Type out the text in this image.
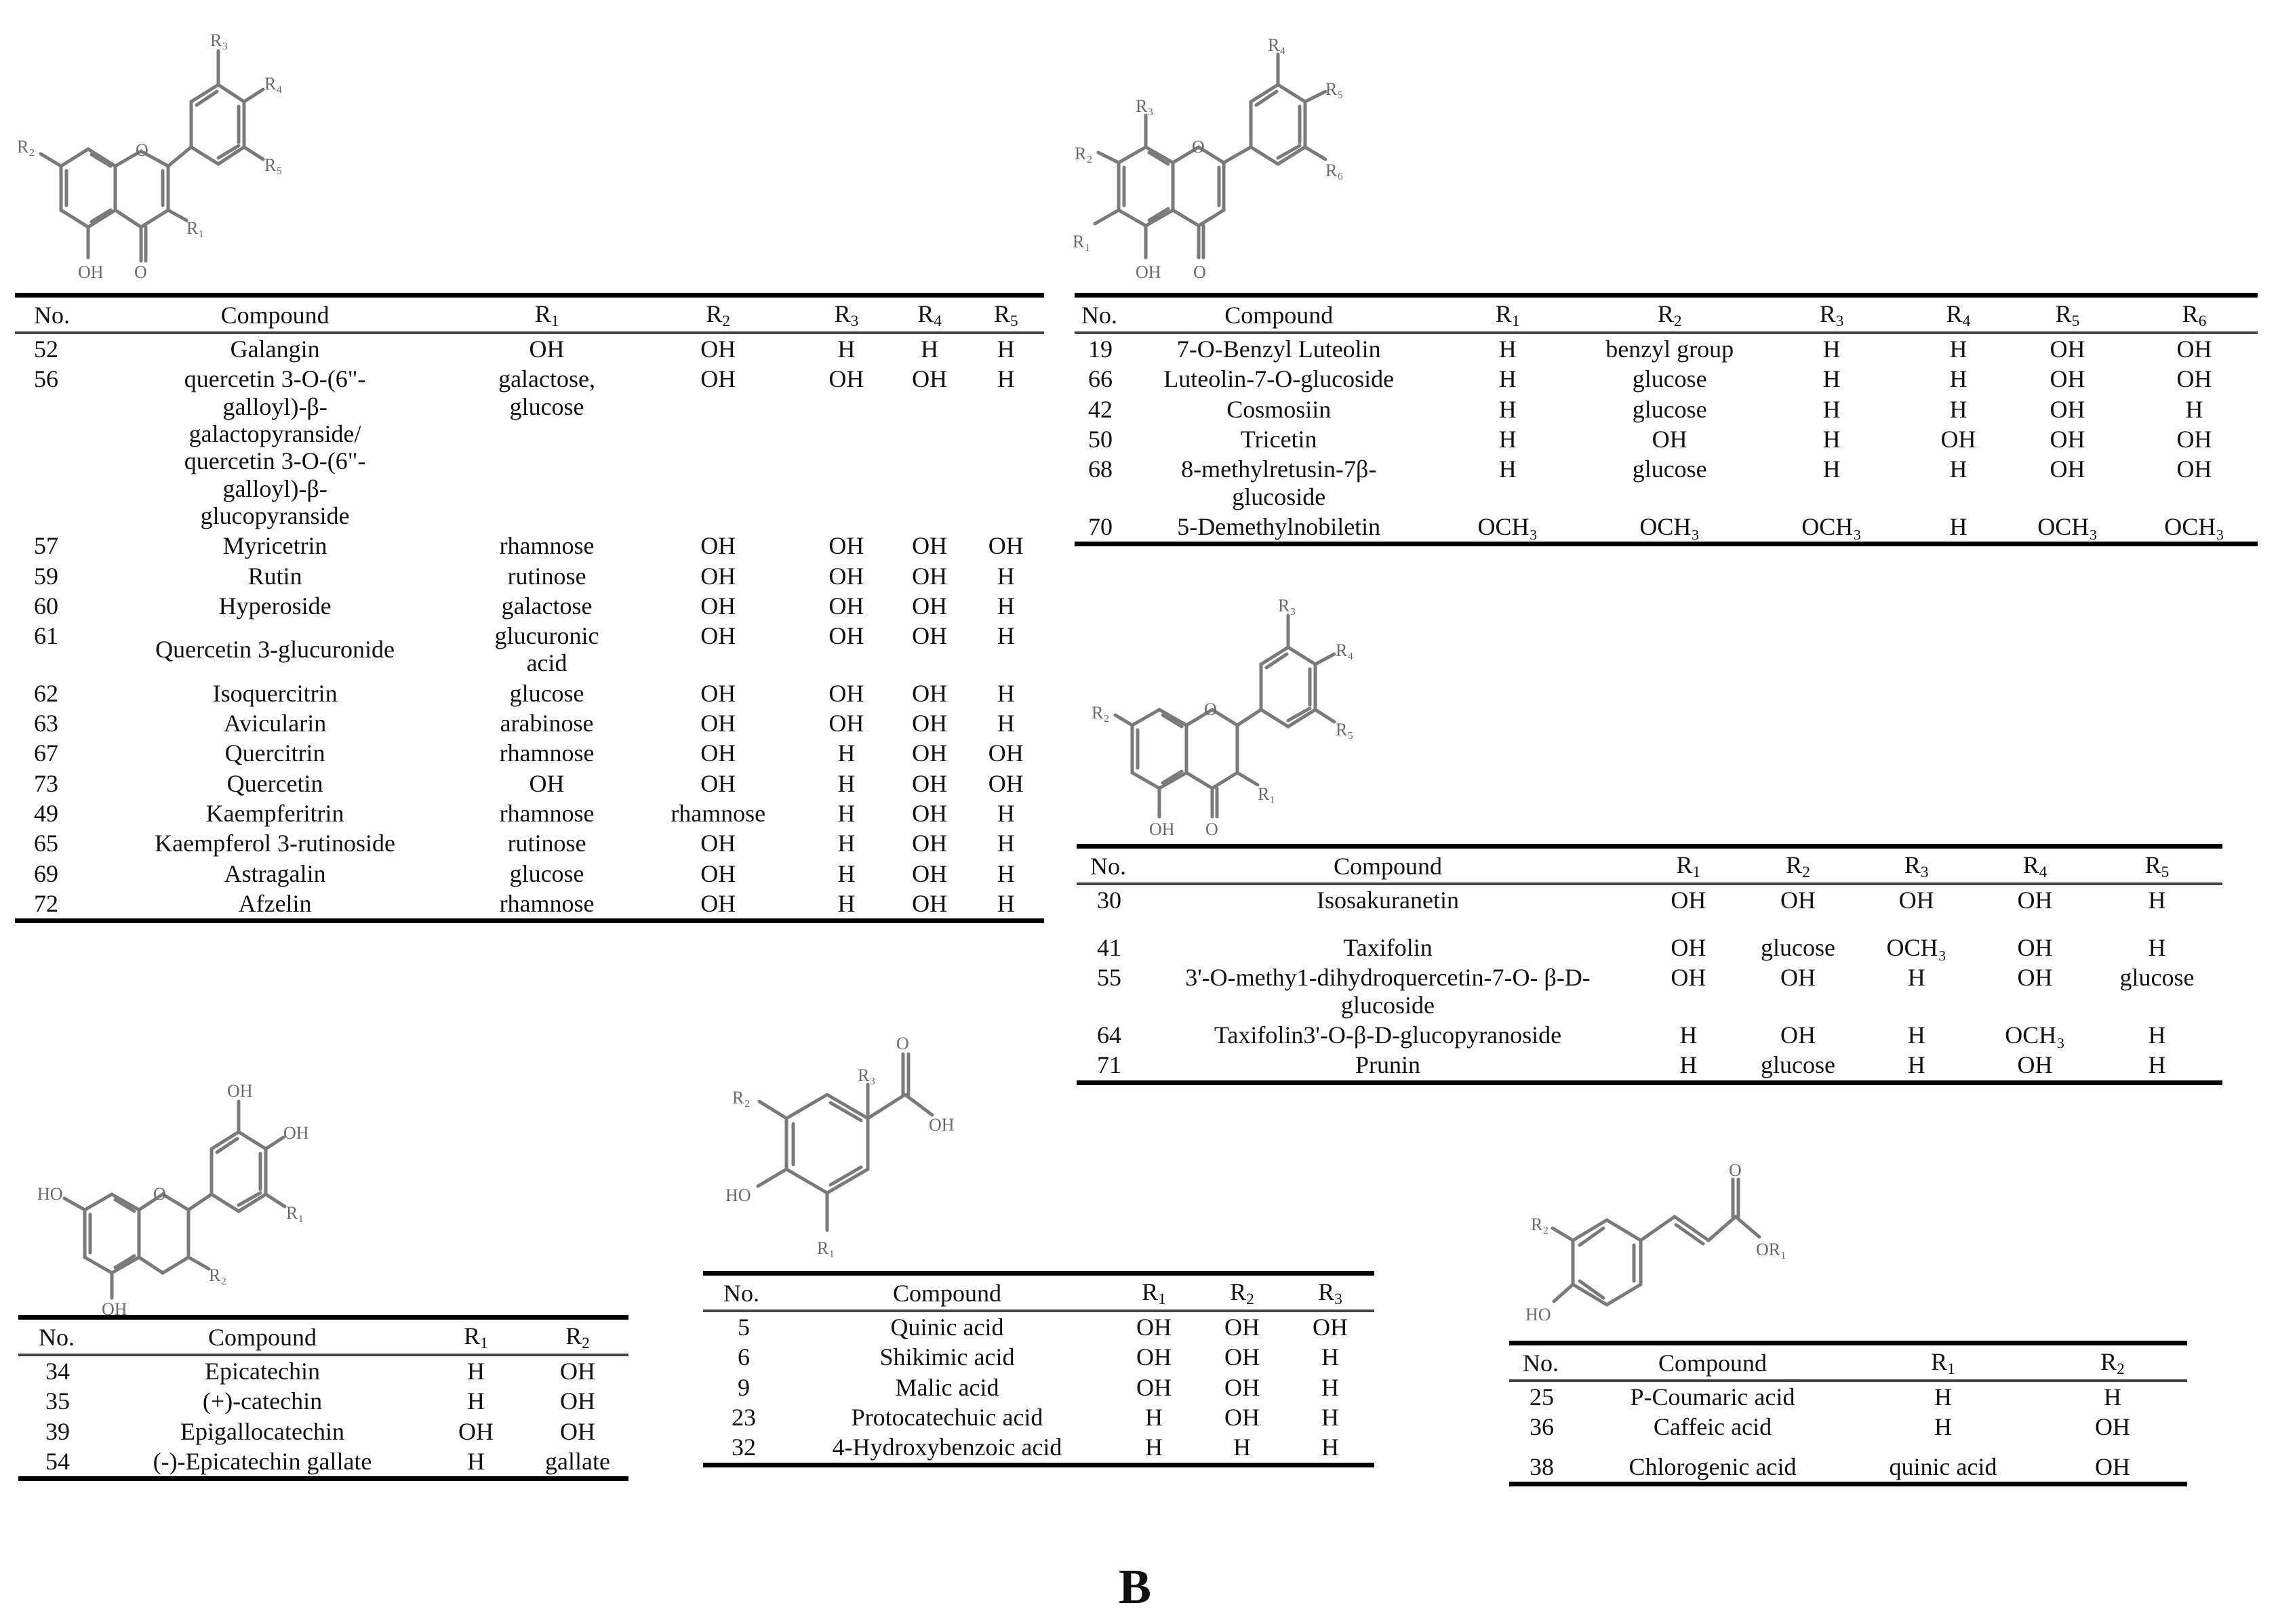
O
O
OH
R₂
R₁
R₃
R₄
R₅
No.	Compound	$R_1$	$R_2$	$R_3$	$R_4$	$R_5$
52	Galangin	OH	OH	H	H	H
56	quercetin 3-O-(6"-galloyl)-β-galactopyranside/ quercetin 3-O-(6"-galloyl)-β-glucopyranside	galactose, glucose	OH	OH	OH	H
57	Myricetrin	rhamnose	OH	OH	OH	OH
59	Rutin	rutinose	OH	OH	OH	H
60	Hyperoside	galactose	OH	OH	OH	H
61	Quercetin 3-glucuronide	glucuronic acid	OH	OH	OH	H
62	Isoquercitrin	glucose	OH	OH	OH	H
63	Avicularin	arabinose	OH	OH	OH	H
67	Quercitrin	rhamnose	OH	H	OH	OH
73	Quercetin	OH	OH	H	OH	OH
49	Kaempferitrin	rhamnose	rhamnose	H	OH	H
65	Kaempferol 3-rutinoside	rutinose	OH	H	OH	H
69	Astragalin	glucose	OH	H	OH	H
72	Afzelin	rhamnose	OH	H	OH	H
O
O
OH
R₃
R₂
R₁
R₄
R₅
R₆
No.	Compound	$R_1$	$R_2$	$R_3$	$R_4$	$R_5$	$R_6$
19	7-O-Benzyl Luteolin	H	benzyl group	H	H	OH	OH
66	Luteolin-7-O-glucoside	H	glucose	H	H	OH	OH
42	Cosmosiin	H	glucose	H	H	OH	H
50	Tricetin	H	OH	H	OH	OH	OH
68	8-methylretusin-7β-glucoside	H	glucose	H	H	OH	OH
70	5-Demethylnobiletin	OCH₃	OCH₃	OCH₃	H	OCH₃	OCH₃
O
O
OH
R₂
R₁
R₃
R₄
R₅
No.	Compound	$R_1$	$R_2$	$R_3$	$R_4$	$R_5$
30	Isosakuranetin	OH	OH	OH	OH	H
41	Taxifolin	OH	glucose	OCH₃	OH	H
55	3'-O-methy1-dihydroquercetin-7-O- β-D-glucoside	OH	OH	H	OH	glucose
64	Taxifolin3'-O-β-D-glucopyranoside	H	OH	H	OCH₃	H
71	Prunin	H	glucose	H	OH	H
O
HO
OH
R₂
R₁
OH
OH
No.	Compound	$R_1$	$R_2$
34	Epicatechin	H	OH
35	(+)-catechin	H	OH
39	Epigallocatechin	OH	OH
54	(-)-Epicatechin gallate	H	gallate
O
OH
R₃
R₂
HO
R₁
No.	Compound	$R_1$	$R_2$	$R_3$
5	Quinic acid	OH	OH	OH
6	Shikimic acid	OH	OH	H
9	Malic acid	OH	OH	H
23	Protocatechuic acid	H	OH	H
32	4-Hydroxybenzoic acid	H	H	H
O
OR₁
R₂
HO
No.	Compound	$R_1$	$R_2$
25	P-Coumaric acid	H	H
36	Caffeic acid	H	OH
38	Chlorogenic acid	quinic acid	OH
B
